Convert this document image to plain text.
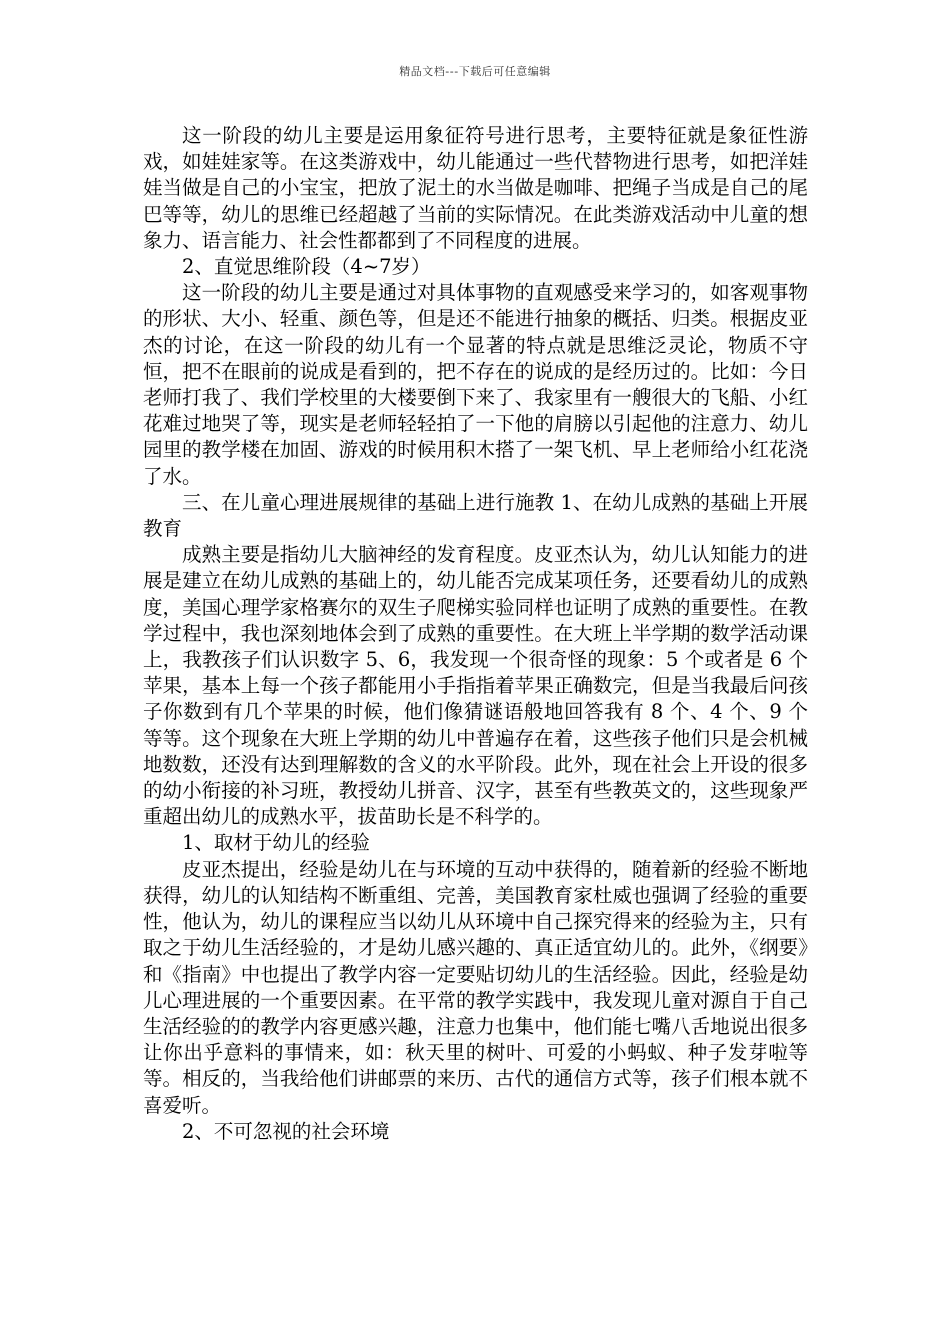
精品文档---下载后可任意编辑

这一阶段的幼儿主要是运用象征符号进行思考，主要特征就是象征性游戏，如娃娃家等。在这类游戏中，幼儿能通过一些代替物进行思考，如把洋娃娃当做是自己的小宝宝，把放了泥土的水当做是咖啡、把绳子当成是自己的尾巴等等，幼儿的思维已经超越了当前的实际情况。在此类游戏活动中儿童的想象力、语言能力、社会性都都到了不同程度的进展。

2、直觉思维阶段（4~7岁）

这一阶段的幼儿主要是通过对具体事物的直观感受来学习的，如客观事物的形状、大小、轻重、颜色等，但是还不能进行抽象的概括、归类。根据皮亚杰的讨论，在这一阶段的幼儿有一个显著的特点就是思维泛灵论，物质不守恒，把不在眼前的说成是看到的，把不存在的说成的是经历过的。比如：今日老师打我了、我们学校里的大楼要倒下来了、我家里有一艘很大的飞船、小红花难过地哭了等，现实是老师轻轻拍了一下他的肩膀以引起他的注意力、幼儿园里的教学楼在加固、游戏的时候用积木搭了一架飞机、早上老师给小红花浇了水。

三、在儿童心理进展规律的基础上进行施教 1、在幼儿成熟的基础上开展教育

成熟主要是指幼儿大脑神经的发育程度。皮亚杰认为，幼儿认知能力的进展是建立在幼儿成熟的基础上的，幼儿能否完成某项任务，还要看幼儿的成熟度，美国心理学家格赛尔的双生子爬梯实验同样也证明了成熟的重要性。在教学过程中，我也深刻地体会到了成熟的重要性。在大班上半学期的数学活动课上，我教孩子们认识数字 5、6，我发现一个很奇怪的现象：5 个或者是 6 个苹果，基本上每一个孩子都能用小手指指着苹果正确数完，但是当我最后问孩子你数到有几个苹果的时候，他们像猜谜语般地回答我有 8 个、4 个、9 个等等。这个现象在大班上学期的幼儿中普遍存在着，这些孩子他们只是会机械地数数，还没有达到理解数的含义的水平阶段。此外，现在社会上开设的很多的幼小衔接的补习班，教授幼儿拼音、汉字，甚至有些教英文的，这些现象严重超出幼儿的成熟水平，拔苗助长是不科学的。

1、取材于幼儿的经验

皮亚杰提出，经验是幼儿在与环境的互动中获得的，随着新的经验不断地获得，幼儿的认知结构不断重组、完善，美国教育家杜威也强调了经验的重要性，他认为，幼儿的课程应当以幼儿从环境中自己探究得来的经验为主，只有取之于幼儿生活经验的，才是幼儿感兴趣的、真正适宜幼儿的。此外，《纲要》和《指南》中也提出了教学内容一定要贴切幼儿的生活经验。因此，经验是幼儿心理进展的一个重要因素。在平常的教学实践中，我发现儿童对源自于自己生活经验的的教学内容更感兴趣，注意力也集中，他们能七嘴八舌地说出很多让你出乎意料的事情来，如：秋天里的树叶、可爱的小蚂蚁、种子发芽啦等等。相反的，当我给他们讲邮票的来历、古代的通信方式等，孩子们根本就不喜爱听。

2、不可忽视的社会环境
